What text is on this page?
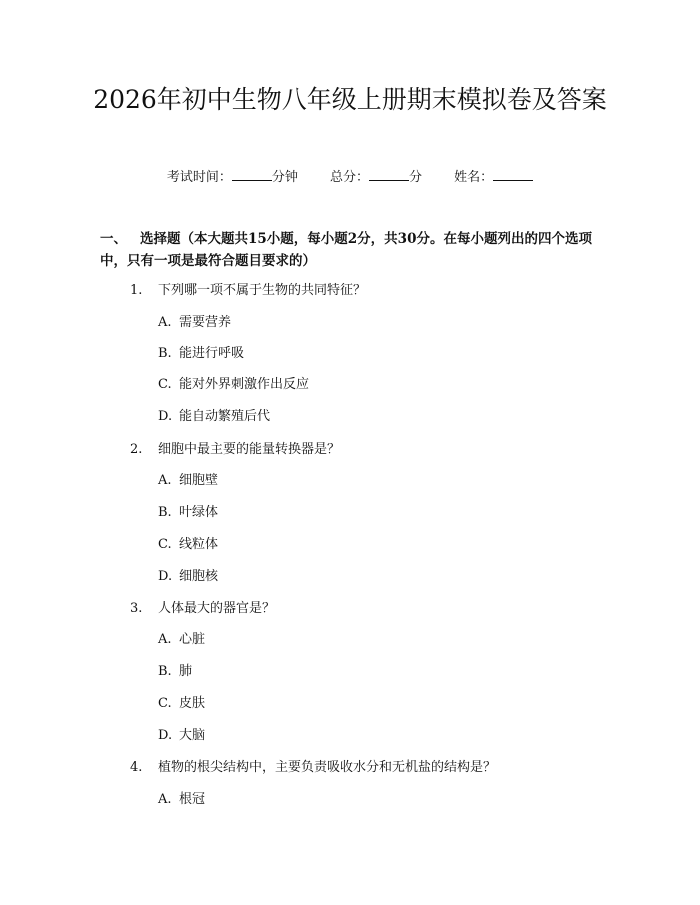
2026年初中生物八年级上册期末模拟卷及答案
考试时间：	分钟 总分：	分 姓名：
一、 选择题（本大题共15小题，每小题2分，共30分。在每小题列出的四个选项中，只有一项是最符合题目要求的）
1. 下列哪一项不属于生物的共同特征？
A. 需要营养
B. 能进行呼吸
C. 能对外界刺激作出反应
D. 能自动繁殖后代
2. 细胞中最主要的能量转换器是？
A. 细胞壁
B. 叶绿体
C. 线粒体
D. 细胞核
3. 人体最大的器官是？
A. 心脏
B. 肺
C. 皮肤
D. 大脑
4. 植物的根尖结构中，主要负责吸收水分和无机盐的结构是？
A. 根冠
